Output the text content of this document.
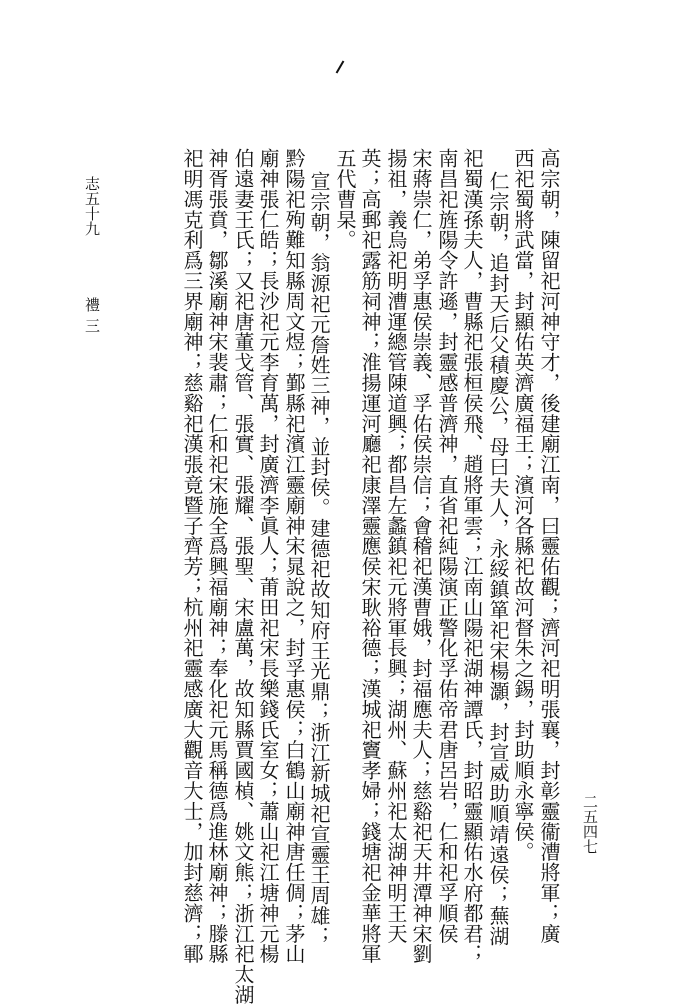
二五四七
高宗朝，陳留祀河神守才，後建廟江南，曰靈佑觀；濟河祀明張襄，封彰靈衞漕將軍；廣
西祀蜀將武當，封顯佑英濟廣福王；濱河各縣祀故河督朱之錫，封助順永寧侯。
仁宗朝，追封天后父積慶公，母曰夫人，永綏鎮箪祀宋楊灝，封宣威助順靖遠侯；蕪湖
祀蜀漢孫夫人，曹縣祀張桓侯飛、趙將軍雲；江南山陽祀湖神譚氏，封昭靈顯佑水府都君；
南昌祀旌陽令許遜，封靈感普濟神，直省祀純陽演正警化孚佑帝君唐呂岩，仁和祀孚順侯
宋蔣崇仁，弟孚惠侯崇義、孚佑侯崇信；會稽祀漢曹娥，封福應夫人；慈谿祀天井潭神宋劉
揚祖，義烏祀明漕運總管陳道興；都昌左蠡鎮祀元將軍長興；湖州、蘇州祀太湖神明王天
英；高郵祀露筋祠神；淮揚運河廳祀康澤靈應侯宋耿裕德；漢城祀竇孝婦；錢塘祀金華將軍
五代曹杲。
宣宗朝，翁源祀元詹姓三神，並封侯。建德祀故知府王光鼎；浙江新城祀宣靈王周雄；
黔陽祀殉難知縣周文煜；鄞縣祀濱江靈廟神宋晁說之，封孚惠侯；白鶴山廟神唐任倜；茅山
廟神張仁皓；長沙祀元李育萬，封廣濟李眞人；莆田祀宋長樂錢氏室女；蕭山祀江塘神元楊
伯遠妻王氏；又祀唐董戈管、張實、張耀、張聖、宋盧萬，故知縣賈國楨、姚文熊；浙江祀太湖
神胥張賁，鄒溪廟神宋裴肅；仁和祀宋施全爲興福廟神；奉化祀元馬稱德爲進林廟神；滕縣
祀明馮克利爲三界廟神；慈谿祀漢張竟暨子齊芳；杭州祀靈感廣大觀音大士，加封慈濟；鄆
志五十九
禮三
